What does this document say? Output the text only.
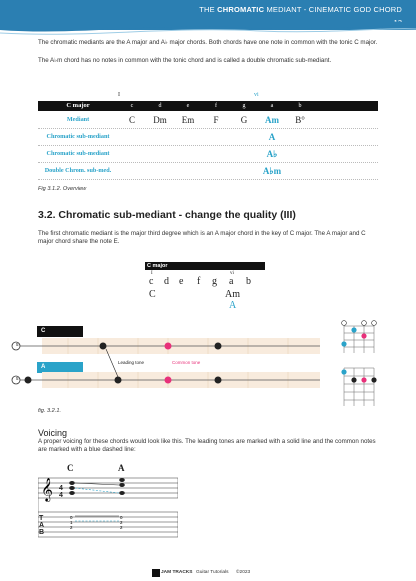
THE CHROMATIC MEDIANT - CINEMATIC GOD CHORD
The chromatic mediants are the A major and A♭ major chords. Both chords have one note in common with the tonic C major.
The A♭m chord has no notes in common with the tonic chord and is called a double chromatic sub-mediant.
I	vi
C major	c	d	e	f	g	a	b
Mediant	C	Dm	Em	F	G	Am	B°
Chromatic sub-mediant	A
Chromatic sub-mediant	A♭
Double Chrom. sub-med.	A♭m
Fig 3.1.2. Overview
3.2. Chromatic sub-mediant - change the quality (III)
The first chromatic mediant is the major third degree which is an A major chord in the key of C major. The A major and C major chord share the note E.
C major
I	vi
c d e f g a b
C	Am
A
C
A
5
5
Leading tone	Common tone
fig. 3.2.1.
Voicing
A proper voicing for these chords would look like this. The leading tones are marked with a solid line and the common notes are marked with a blue dashed line:
C	A
𝄞
0
1
2
0
2
2
4
4
TAB
JAM TRACKS Guitar Tutorials ©2023
